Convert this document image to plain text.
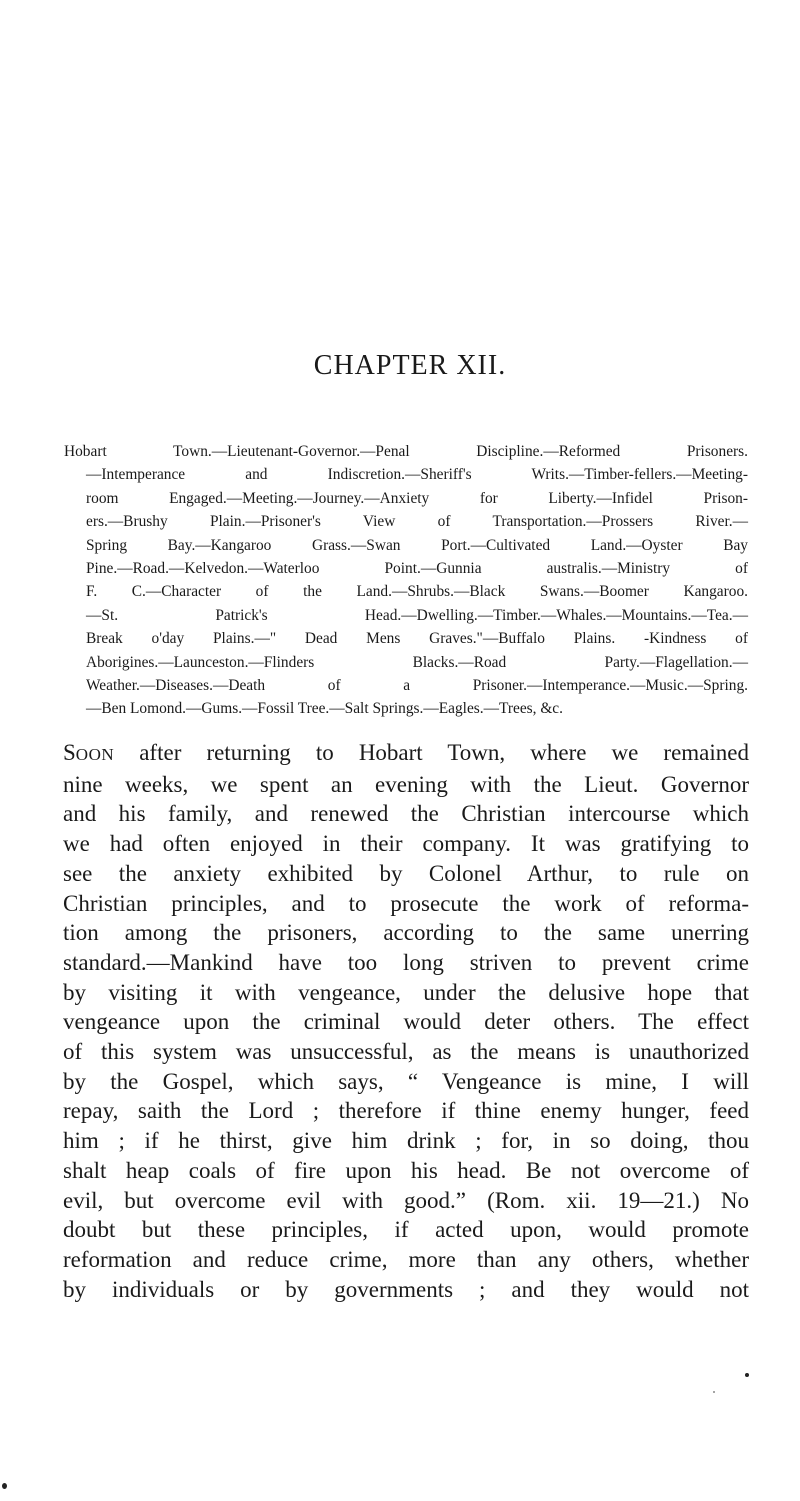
CHAPTER XII.
Hobart Town.—Lieutenant-Governor.—Penal Discipline.—Reformed Prisoners.
—Intemperance and Indiscretion.—Sheriff's Writs.—Timber-fellers.—Meeting-
room Engaged.—Meeting.—Journey.—Anxiety for Liberty.—Infidel Prison-
ers.—Brushy Plain.—Prisoner's View of Transportation.—Prossers River.—
Spring Bay.—Kangaroo Grass.—Swan Port.—Cultivated Land.—Oyster Bay
Pine.—Road.—Kelvedon.—Waterloo Point.—Gunnia australis.—Ministry of
F. C.—Character of the Land.—Shrubs.—Black Swans.—Boomer Kangaroo.
—St. Patrick's Head.—Dwelling.—Timber.—Whales.—Mountains.—Tea.—
Break o'day Plains.—" Dead Mens Graves."—Buffalo Plains. -Kindness of
Aborigines.—Launceston.—Flinders Blacks.—Road Party.—Flagellation.—
Weather.—Diseases.—Death of a Prisoner.—Intemperance.—Music.—Spring.
—Ben Lomond.—Gums.—Fossil Tree.—Salt Springs.—Eagles.—Trees, &c.
SOON after returning to Hobart Town, where we remained
nine weeks, we spent an evening with the Lieut. Governor
and his family, and renewed the Christian intercourse which
we had often enjoyed in their company. It was gratifying to
see the anxiety exhibited by Colonel Arthur, to rule on
Christian principles, and to prosecute the work of reforma-
tion among the prisoners, according to the same unerring
standard.—Mankind have too long striven to prevent crime
by visiting it with vengeance, under the delusive hope that
vengeance upon the criminal would deter others. The effect
of this system was unsuccessful, as the means is unauthorized
by the Gospel, which says, “ Vengeance is mine, I will
repay, saith the Lord ; therefore if thine enemy hunger, feed
him ; if he thirst, give him drink ; for, in so doing, thou
shalt heap coals of fire upon his head. Be not overcome of
evil, but overcome evil with good.” (Rom. xii. 19—21.) No
doubt but these principles, if acted upon, would promote
reformation and reduce crime, more than any others, whether
by individuals or by governments ; and they would not
